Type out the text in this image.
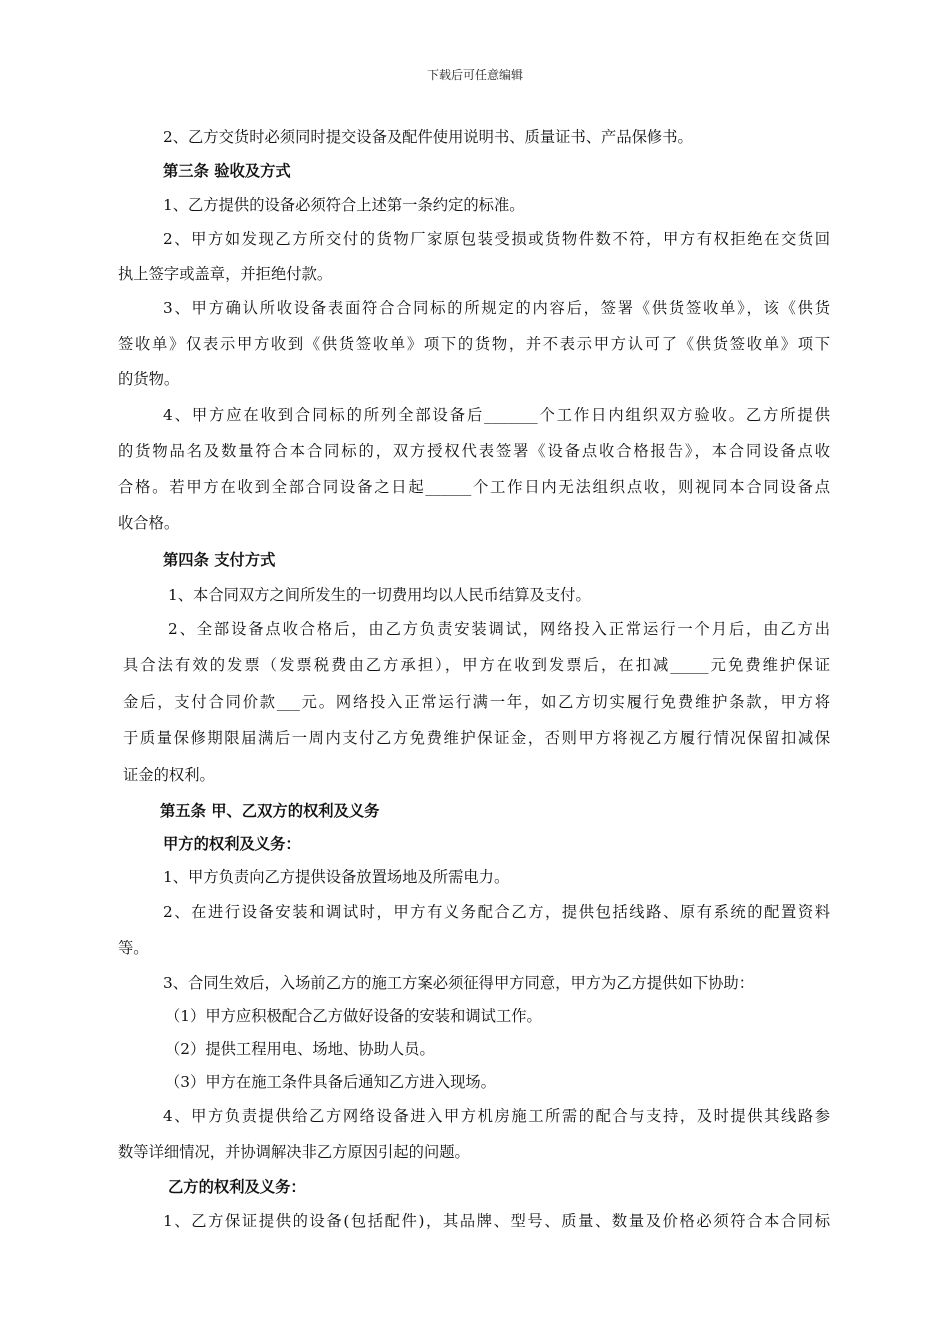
下载后可任意编辑
2、乙方交货时必须同时提交设备及配件使用说明书、质量证书、产品保修书。
第三条 验收及方式
1、乙方提供的设备必须符合上述第一条约定的标准。
2、甲方如发现乙方所交付的货物厂家原包装受损或货物件数不符，甲方有权拒绝在交货回
执上签字或盖章，并拒绝付款。
3、甲方确认所收设备表面符合合同标的所规定的内容后，签署《供货签收单》，该《供货
签收单》仅表示甲方收到《供货签收单》项下的货物，并不表示甲方认可了《供货签收单》项下
的货物。
4、甲方应在收到合同标的所列全部设备后_______个工作日内组织双方验收。乙方所提供
的货物品名及数量符合本合同标的，双方授权代表签署《设备点收合格报告》，本合同设备点收
合格。若甲方在收到全部合同设备之日起______个工作日内无法组织点收，则视同本合同设备点
收合格。
第四条 支付方式
1、本合同双方之间所发生的一切费用均以人民币结算及支付。
2、全部设备点收合格后，由乙方负责安装调试，网络投入正常运行一个月后，由乙方出
具合法有效的发票（发票税费由乙方承担），甲方在收到发票后，在扣减_____元免费维护保证
金后，支付合同价款___元。网络投入正常运行满一年，如乙方切实履行免费维护条款，甲方将
于质量保修期限届满后一周内支付乙方免费维护保证金，否则甲方将视乙方履行情况保留扣减保
证金的权利。
第五条 甲、乙双方的权利及义务
甲方的权利及义务：
1、甲方负责向乙方提供设备放置场地及所需电力。
2、在进行设备安装和调试时，甲方有义务配合乙方，提供包括线路、原有系统的配置资料
等。
3、合同生效后，入场前乙方的施工方案必须征得甲方同意，甲方为乙方提供如下协助：
（1）甲方应积极配合乙方做好设备的安装和调试工作。
（2）提供工程用电、场地、协助人员。
（3）甲方在施工条件具备后通知乙方进入现场。
4、甲方负责提供给乙方网络设备进入甲方机房施工所需的配合与支持，及时提供其线路参
数等详细情况，并协调解决非乙方原因引起的问题。
乙方的权利及义务：
1、乙方保证提供的设备(包括配件)，其品牌、型号、质量、数量及价格必须符合本合同标
